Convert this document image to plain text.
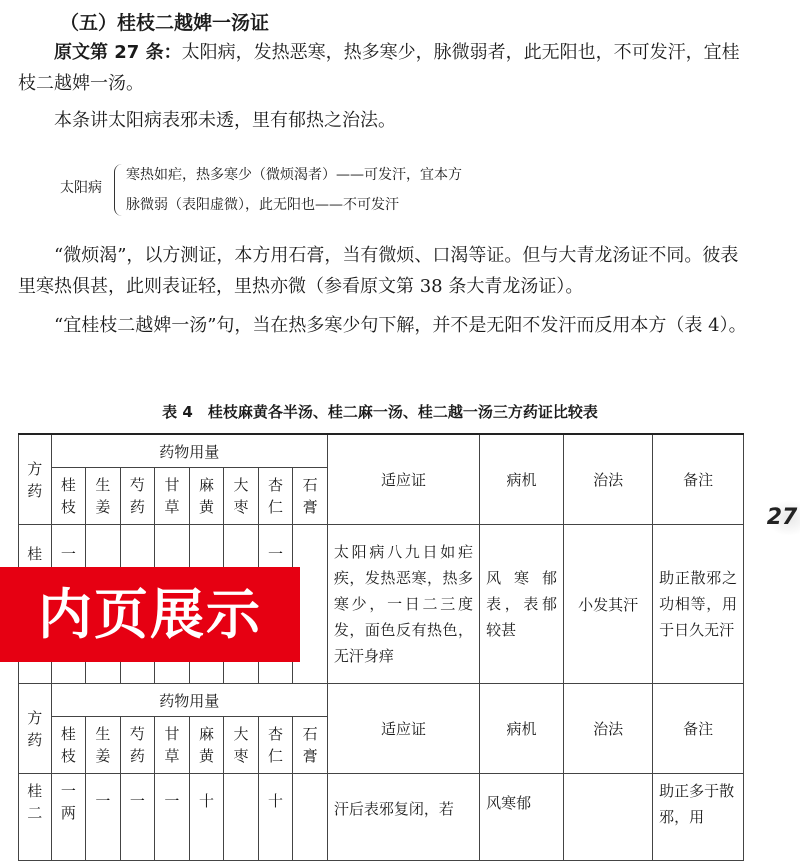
（五）桂枝二越婢一汤证

原文第 27 条：太阳病，发热恶寒，热多寒少，脉微弱者，此无阳也，不可发汗，宜桂枝二越婢一汤。

本条讲太阳病表邪未透，里有郁热之治法。

太阳病
寒热如疟，热多寒少（微烦渴者）——可发汗，宜本方
脉微弱（表阳虚微），此无阳也——不可发汗

“微烦渴”，以方测证，本方用石膏，当有微烦、口渴等证。但与大青龙汤证不同。彼表里寒热俱甚，此则表证轻，里热亦微（参看原文第 38 条大青龙汤证）。

“宜桂枝二越婢一汤”句，当在热多寒少句下解，并不是无阳不发汗而反用本方（表 4）。

表 4　桂枝麻黄各半汤、桂二麻一汤、桂二越一汤三方药证比较表
方药	药物用量								适应证	病机	治法	备注
	桂枝	生姜	芍药	甘草	麻黄	大枣	杏仁	石膏				
桂	一						一		太阳病八九日如疟疾，发热恶寒，热多寒少，一日二三度发，面色反有热色，无汗身痒	风寒郁表，表郁较甚	小发其汗	助正散邪之功相等，用于日久无汗
方药	药物用量								适应证	病机	治法	备注
	桂枝	生姜	芍药	甘草	麻黄	大枣	杏仁	石膏				
桂二	一两	一	一	一	十		十		汗后表邪复闭，若	风寒郁		助正多于散邪，用
内页展示
27
